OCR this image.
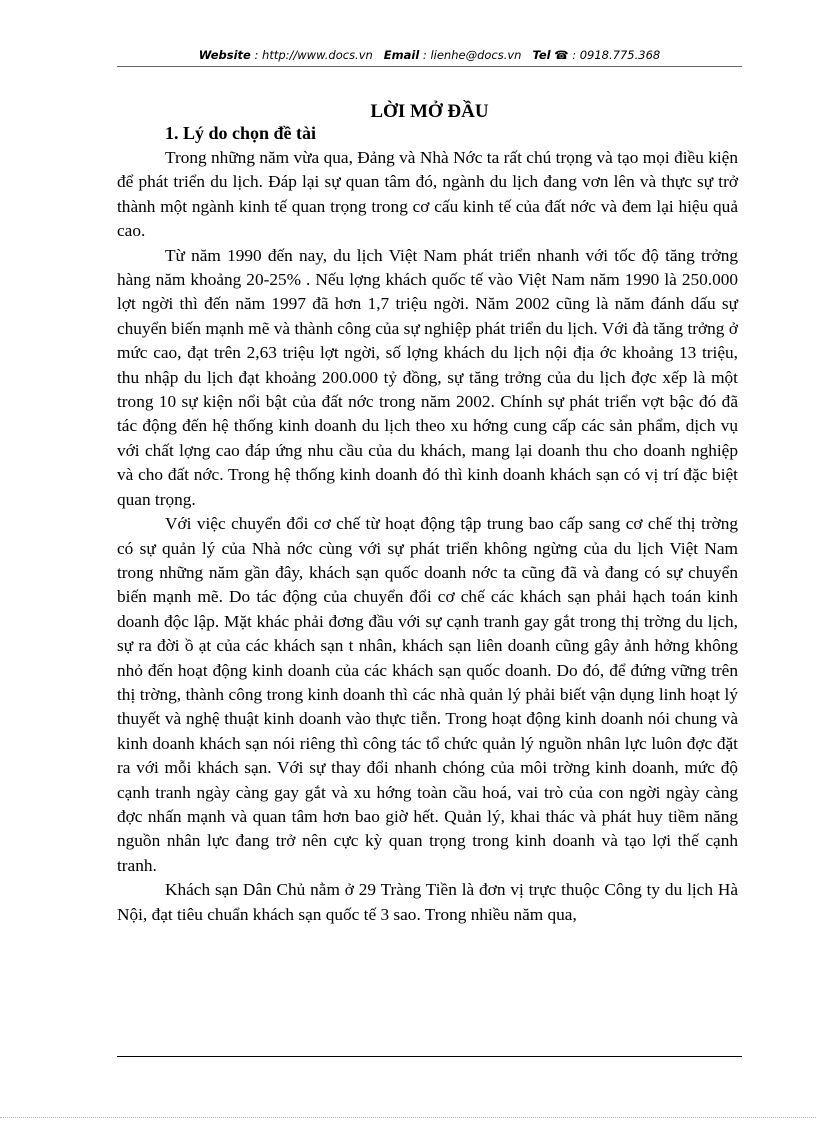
Website : http://www.docs.vn Email : lienhe@docs.vn Tel ☎ : 0918.775.368
LỜI MỞ ĐẦU
1. Lý do chọn đề tài

Trong những năm vừa qua, Đảng và Nhà Nớc ta rất chú trọng và tạo mọi điều kiện để phát triển du lịch. Đáp lại sự quan tâm đó, ngành du lịch đang vơn lên và thực sự trở thành một ngành kinh tế quan trọng trong cơ cấu kinh tế của đất nớc và đem lại hiệu quả cao.

Từ năm 1990 đến nay, du lịch Việt Nam phát triển nhanh với tốc độ tăng trởng hàng năm khoảng 20-25% . Nếu lợng khách quốc tế vào Việt Nam năm 1990 là 250.000 lợt ngời thì đến năm 1997 đã hơn 1,7 triệu ngời. Năm 2002 cũng là năm đánh dấu sự chuyển biến mạnh mẽ và thành công của sự nghiệp phát triển du lịch. Với đà tăng trởng ở mức cao, đạt trên 2,63 triệu lợt ngời, số lợng khách du lịch nội địa ớc khoảng 13 triệu, thu nhập du lịch đạt khoảng 200.000 tỷ đồng, sự tăng trởng của du lịch đợc xếp là một trong 10 sự kiện nổi bật của đất nớc trong năm 2002. Chính sự phát triển vợt bậc đó đã tác động đến hệ thống kinh doanh du lịch theo xu hớng cung cấp các sản phẩm, dịch vụ với chất lợng cao đáp ứng nhu cầu của du khách, mang lại doanh thu cho doanh nghiệp và cho đất nớc. Trong hệ thống kinh doanh đó thì kinh doanh khách sạn có vị trí đặc biệt quan trọng.

Với việc chuyển đổi cơ chế từ hoạt động tập trung bao cấp sang cơ chế thị trờng có sự quản lý của Nhà nớc cùng với sự phát triển không ngừng của du lịch Việt Nam trong những năm gần đây, khách sạn quốc doanh nớc ta cũng đã và đang có sự chuyển biến mạnh mẽ. Do tác động của chuyển đổi cơ chế các khách sạn phải hạch toán kinh doanh độc lập. Mặt khác phải đơng đầu với sự cạnh tranh gay gắt trong thị trờng du lịch, sự ra đời ồ ạt của các khách sạn t nhân, khách sạn liên doanh cũng gây ảnh hởng không nhỏ đến hoạt động kinh doanh của các khách sạn quốc doanh. Do đó, để đứng vững trên thị trờng, thành công trong kinh doanh thì các nhà quản lý phải biết vận dụng linh hoạt lý thuyết và nghệ thuật kinh doanh vào thực tiễn. Trong hoạt động kinh doanh nói chung và kinh doanh khách sạn nói riêng thì công tác tổ chức quản lý nguồn nhân lực luôn đợc đặt ra với mỗi khách sạn. Với sự thay đổi nhanh chóng của môi trờng kinh doanh, mức độ cạnh tranh ngày càng gay gắt và xu hớng toàn cầu hoá, vai trò của con ngời ngày càng đợc nhấn mạnh và quan tâm hơn bao giờ hết. Quản lý, khai thác và phát huy tiềm năng nguồn nhân lực đang trở nên cực kỳ quan trọng trong kinh doanh và tạo lợi thế cạnh tranh.

Khách sạn Dân Chủ nằm ở 29 Tràng Tiền là đơn vị trực thuộc Công ty du lịch Hà Nội, đạt tiêu chuẩn khách sạn quốc tế 3 sao. Trong nhiều năm qua,
